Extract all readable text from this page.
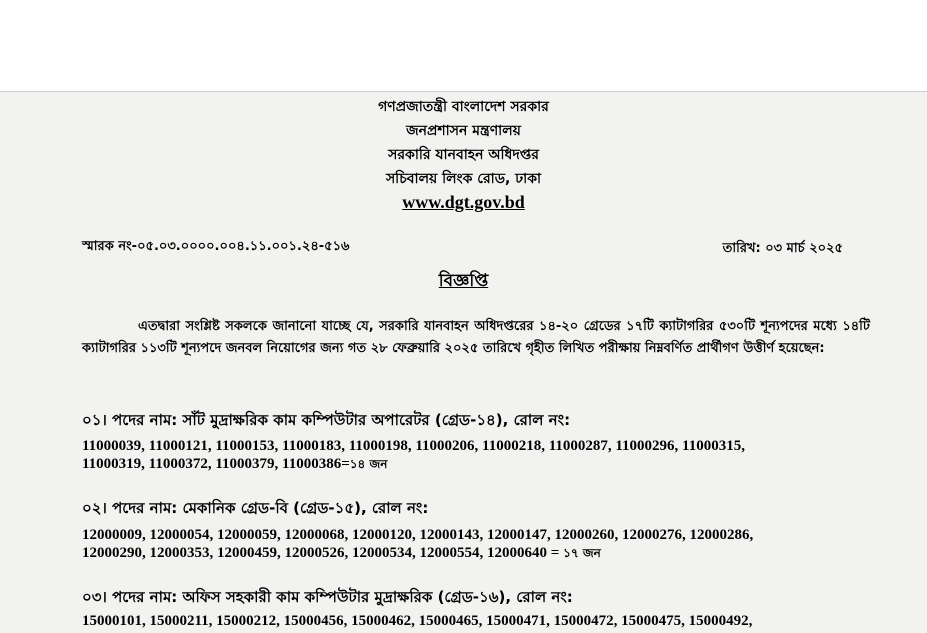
গণপ্রজাতন্ত্রী বাংলাদেশ সরকার
জনপ্রশাসন মন্ত্রণালয়
সরকারি যানবাহন অধিদপ্তর
সচিবালয় লিংক রোড, ঢাকা
www.dgt.gov.bd
স্মারক নং-০৫.০৩.০০০০.০০৪.১১.০০১.২৪-৫১৬	তারিখ: ০৩ মার্চ ২০২৫
বিজ্ঞপ্তি

এতদ্বারা সংশ্লিষ্ট সকলকে জানানো যাচ্ছে যে, সরকারি যানবাহন অধিদপ্তরের ১৪-২০ গ্রেডের ১৭টি ক্যাটাগরির ৫৩০টি শূন্যপদের মধ্যে ১৪টি ক্যাটাগরির ১১৩টি শূন্যপদে জনবল নিয়োগের জন্য গত ২৮ ফেব্রুয়ারি ২০২৫ তারিখে গৃহীত লিখিত পরীক্ষায় নিম্নবর্ণিত প্রার্থীগণ উত্তীর্ণ হয়েছেন:

০১। পদের নাম: সাঁট মুদ্রাক্ষরিক কাম কম্পিউটার অপারেটর (গ্রেড-১৪), রোল নং:
11000039, 11000121, 11000153, 11000183, 11000198, 11000206, 11000218, 11000287, 11000296, 11000315,
11000319, 11000372, 11000379, 11000386=১৪ জন
০২। পদের নাম: মেকানিক গ্রেড-বি (গ্রেড-১৫), রোল নং:
12000009, 12000054, 12000059, 12000068, 12000120, 12000143, 12000147, 12000260, 12000276, 12000286,
12000290, 12000353, 12000459, 12000526, 12000534, 12000554, 12000640 = ১৭ জন
০৩। পদের নাম: অফিস সহকারী কাম কম্পিউটার মুদ্রাক্ষরিক (গ্রেড-১৬), রোল নং:
15000101, 15000211, 15000212, 15000456, 15000462, 15000465, 15000471, 15000472, 15000475, 15000492,
